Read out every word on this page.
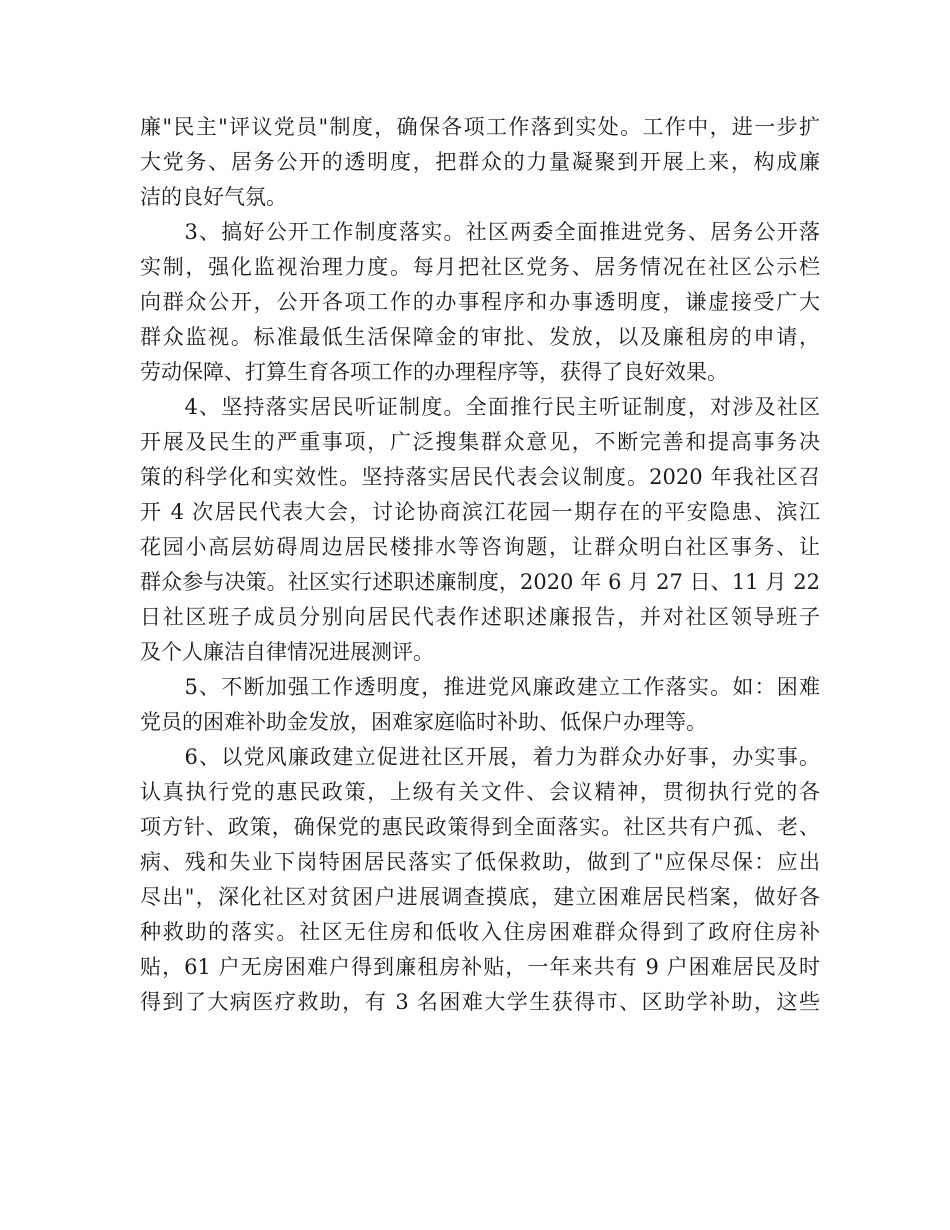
廉"民主"评议党员"制度，确保各项工作落到实处。工作中，进一步扩
大党务、居务公开的透明度，把群众的力量凝聚到开展上来，构成廉
洁的良好气氛。
　　3、搞好公开工作制度落实。社区两委全面推进党务、居务公开落
实制，强化监视治理力度。每月把社区党务、居务情况在社区公示栏
向群众公开，公开各项工作的办事程序和办事透明度，谦虚接受广大
群众监视。标准最低生活保障金的审批、发放，以及廉租房的申请，
劳动保障、打算生育各项工作的办理程序等，获得了良好效果。
　　4、坚持落实居民听证制度。全面推行民主听证制度，对涉及社区
开展及民生的严重事项，广泛搜集群众意见，不断完善和提高事务决
策的科学化和实效性。坚持落实居民代表会议制度。2020 年我社区召
开 4 次居民代表大会，讨论协商滨江花园一期存在的平安隐患、滨江
花园小高层妨碍周边居民楼排水等咨询题，让群众明白社区事务、让
群众参与决策。社区实行述职述廉制度，2020 年 6 月 27 日、11 月 22
日社区班子成员分别向居民代表作述职述廉报告，并对社区领导班子
及个人廉洁自律情况进展测评。
　　5、不断加强工作透明度，推进党风廉政建立工作落实。如：困难
党员的困难补助金发放，困难家庭临时补助、低保户办理等。
　　6、以党风廉政建立促进社区开展，着力为群众办好事，办实事。
认真执行党的惠民政策，上级有关文件、会议精神，贯彻执行党的各
项方针、政策，确保党的惠民政策得到全面落实。社区共有户孤、老、
病、残和失业下岗特困居民落实了低保救助，做到了"应保尽保：应出
尽出"，深化社区对贫困户进展调查摸底，建立困难居民档案，做好各
种救助的落实。社区无住房和低收入住房困难群众得到了政府住房补
贴，61 户无房困难户得到廉租房补贴，一年来共有 9 户困难居民及时
得到了大病医疗救助，有 3 名困难大学生获得市、区助学补助，这些
